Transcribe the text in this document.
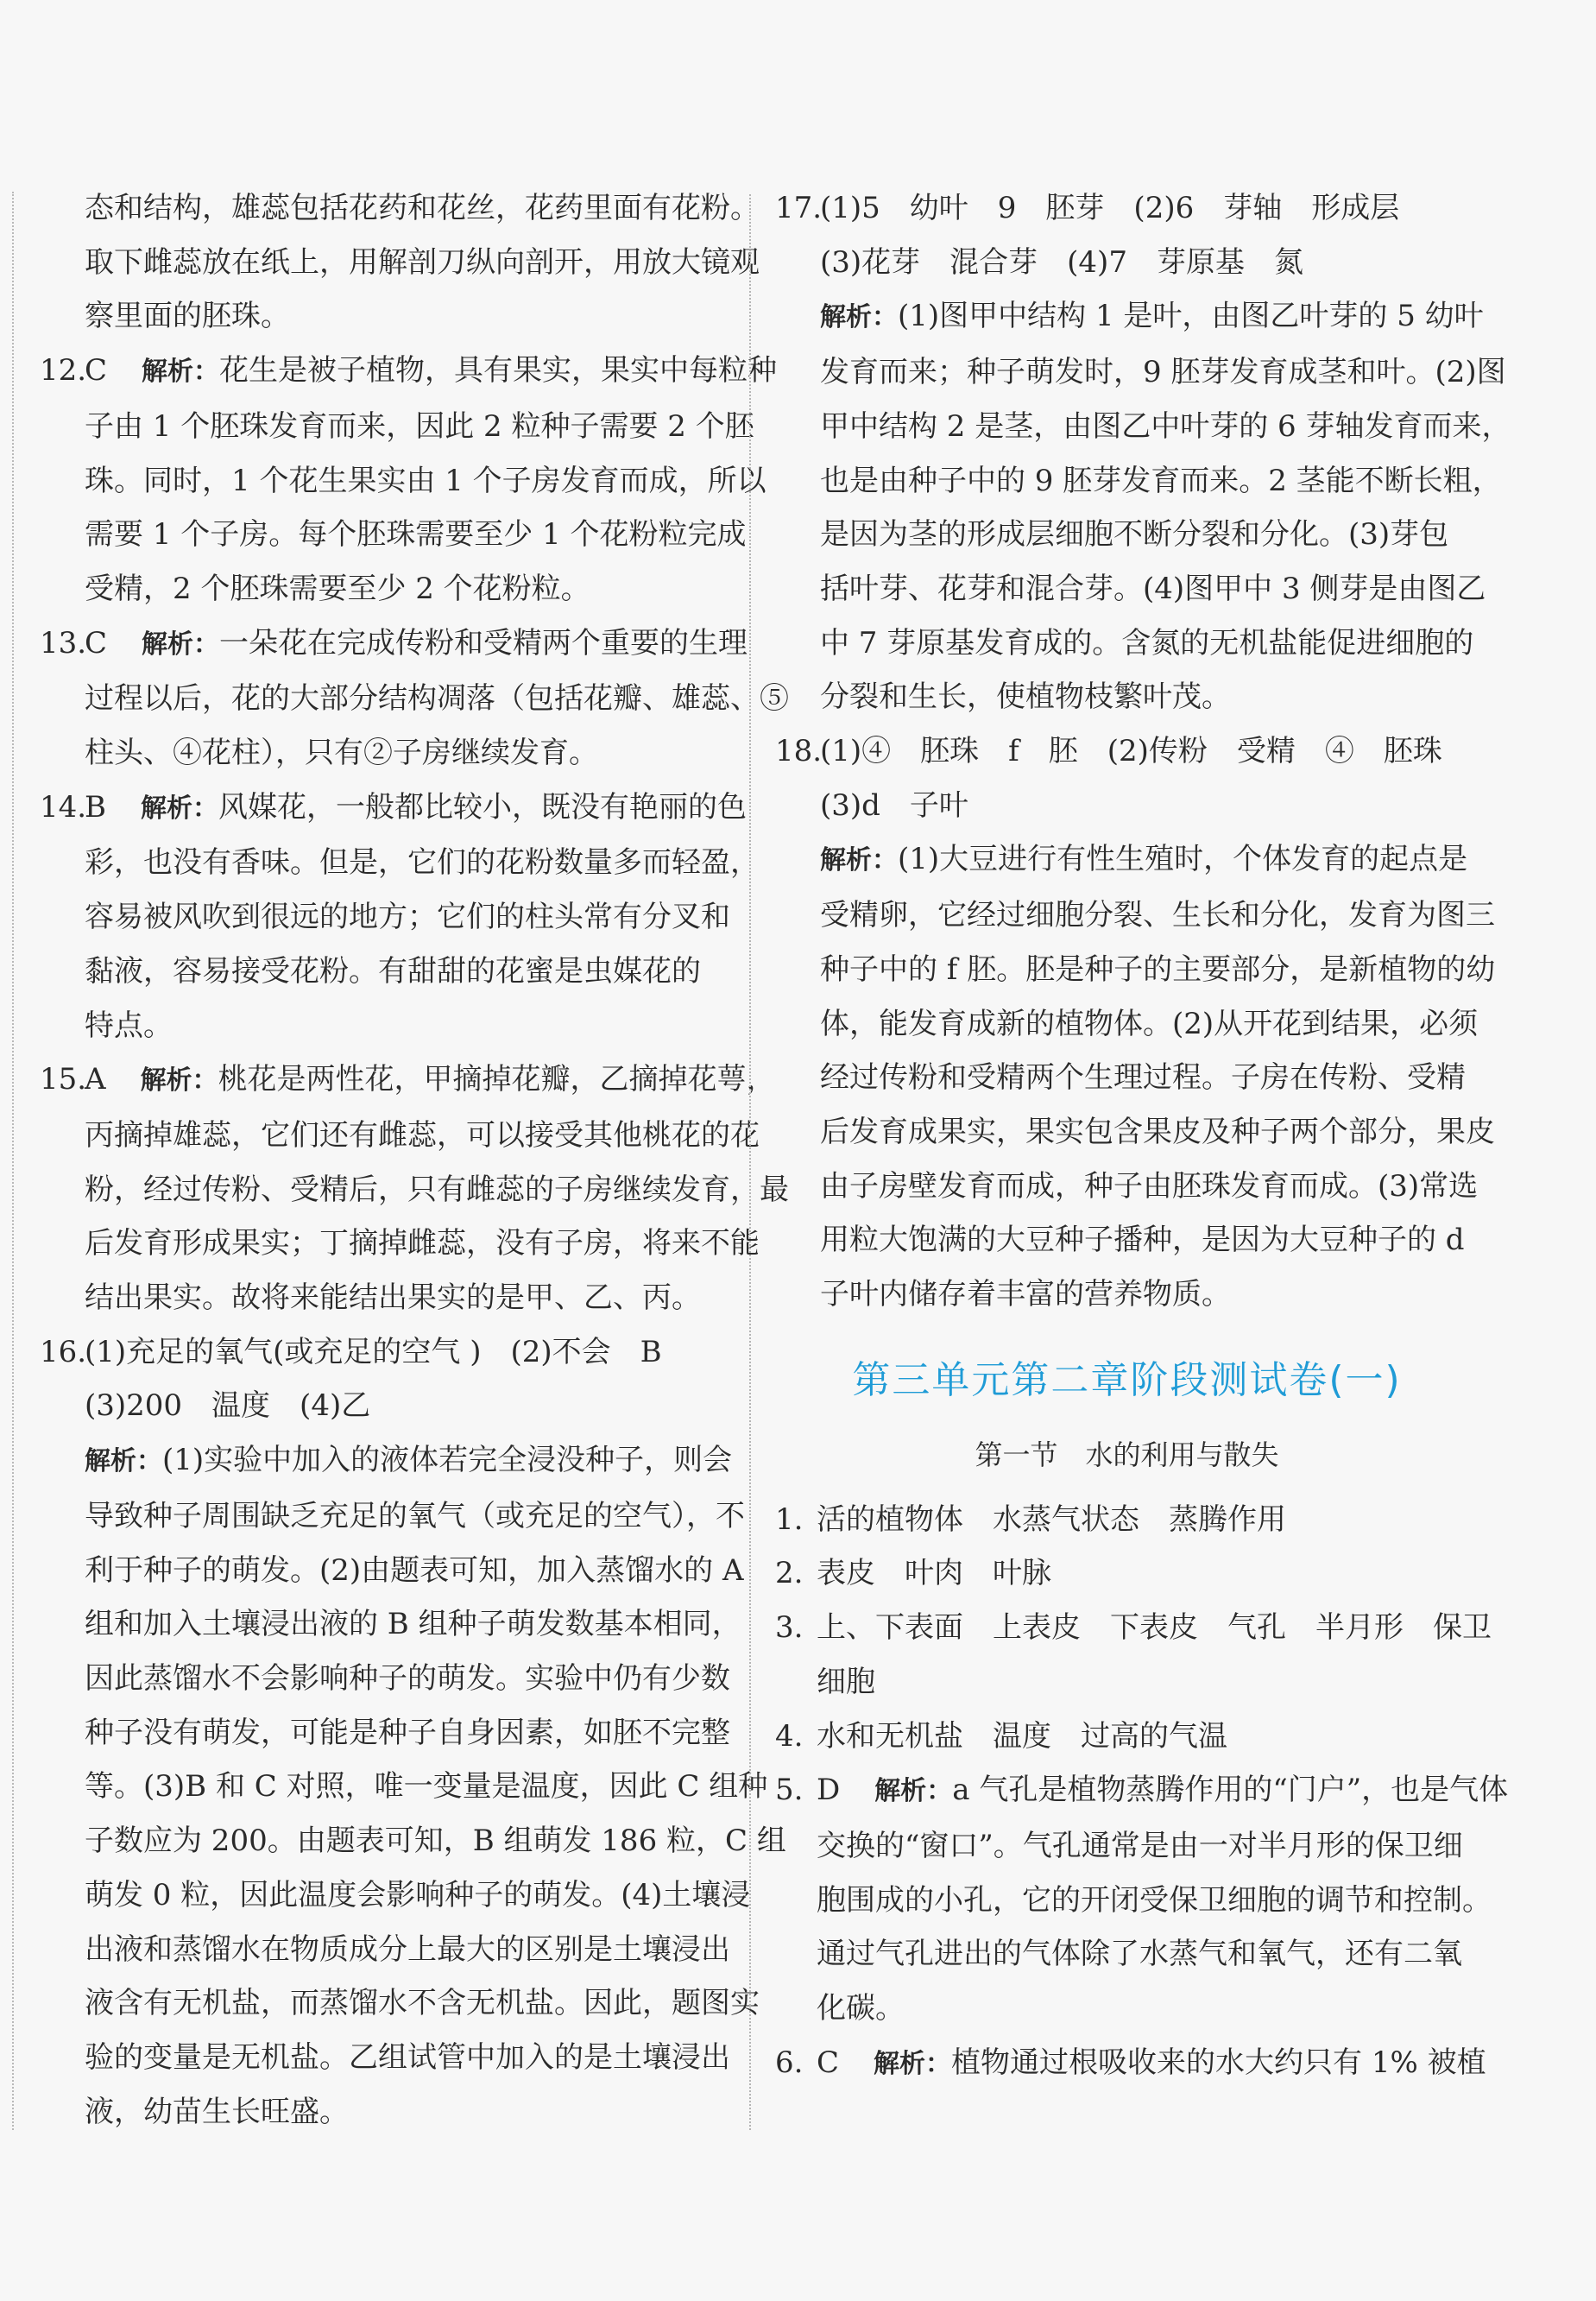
态和结构，雄蕊包括花药和花丝，花药里面有花粉。
取下雌蕊放在纸上，用解剖刀纵向剖开，用放大镜观
察里面的胚珠。
12.
C 解析：花生是被子植物，具有果实，果实中每粒种
子由 1 个胚珠发育而来，因此 2 粒种子需要 2 个胚
珠。同时，1 个花生果实由 1 个子房发育而成，所以
需要 1 个子房。每个胚珠需要至少 1 个花粉粒完成
受精，2 个胚珠需要至少 2 个花粉粒。
13.
C 解析：一朵花在完成传粉和受精两个重要的生理
过程以后，花的大部分结构凋落（包括花瓣、雄蕊、⑤
柱头、④花柱），只有②子房继续发育。
14.
B 解析：风媒花，一般都比较小，既没有艳丽的色
彩，也没有香味。但是，它们的花粉数量多而轻盈，
容易被风吹到很远的地方；它们的柱头常有分叉和
黏液，容易接受花粉。有甜甜的花蜜是虫媒花的
特点。
15.
A 解析：桃花是两性花，甲摘掉花瓣，乙摘掉花萼，
丙摘掉雄蕊，它们还有雌蕊，可以接受其他桃花的花
粉，经过传粉、受精后，只有雌蕊的子房继续发育，最
后发育形成果实；丁摘掉雌蕊，没有子房，将来不能
结出果实。故将来能结出果实的是甲、乙、丙。
16.
(1)充足的氧气(或充足的空气 )　(2)不会　B
(3)200　温度　(4)乙
解析：(1)实验中加入的液体若完全浸没种子，则会
导致种子周围缺乏充足的氧气（或充足的空气），不
利于种子的萌发。(2)由题表可知，加入蒸馏水的 A
组和加入土壤浸出液的 B 组种子萌发数基本相同，
因此蒸馏水不会影响种子的萌发。实验中仍有少数
种子没有萌发，可能是种子自身因素，如胚不完整
等。(3)B 和 C 对照，唯一变量是温度，因此 C 组种
子数应为 200。由题表可知，B 组萌发 186 粒，C 组
萌发 0 粒，因此温度会影响种子的萌发。(4)土壤浸
出液和蒸馏水在物质成分上最大的区别是土壤浸出
液含有无机盐，而蒸馏水不含无机盐。因此，题图实
验的变量是无机盐。乙组试管中加入的是土壤浸出
液，幼苗生长旺盛。
17.
(1)5　幼叶　9　胚芽　(2)6　芽轴　形成层
(3)花芽　混合芽　(4)7　芽原基　氮
解析：(1)图甲中结构 1 是叶，由图乙叶芽的 5 幼叶
发育而来；种子萌发时，9 胚芽发育成茎和叶。(2)图
甲中结构 2 是茎，由图乙中叶芽的 6 芽轴发育而来，
也是由种子中的 9 胚芽发育而来。2 茎能不断长粗，
是因为茎的形成层细胞不断分裂和分化。(3)芽包
括叶芽、花芽和混合芽。(4)图甲中 3 侧芽是由图乙
中 7 芽原基发育成的。含氮的无机盐能促进细胞的
分裂和生长，使植物枝繁叶茂。
18.
(1)④　胚珠　f　胚　(2)传粉　受精　④　胚珠
(3)d　子叶
解析：(1)大豆进行有性生殖时，个体发育的起点是
受精卵，它经过细胞分裂、生长和分化，发育为图三
种子中的 f 胚。胚是种子的主要部分，是新植物的幼
体，能发育成新的植物体。(2)从开花到结果，必须
经过传粉和受精两个生理过程。子房在传粉、受精
后发育成果实，果实包含果皮及种子两个部分，果皮
由子房壁发育而成，种子由胚珠发育而成。(3)常选
用粒大饱满的大豆种子播种，是因为大豆种子的 d
子叶内储存着丰富的营养物质。
第三单元第二章阶段测试卷(一)
第一节　水的利用与散失
1. 活的植物体　水蒸气状态　蒸腾作用
2. 表皮　叶肉　叶脉
3. 上、下表面　上表皮　下表皮　气孔　半月形　保卫
细胞
4. 水和无机盐　温度　过高的气温
5. D 解析：a 气孔是植物蒸腾作用的“门户”，也是气体
交换的“窗口”。气孔通常是由一对半月形的保卫细
胞围成的小孔，它的开闭受保卫细胞的调节和控制。
通过气孔进出的气体除了水蒸气和氧气，还有二氧
化碳。
6. C 解析：植物通过根吸收来的水大约只有 1% 被植
